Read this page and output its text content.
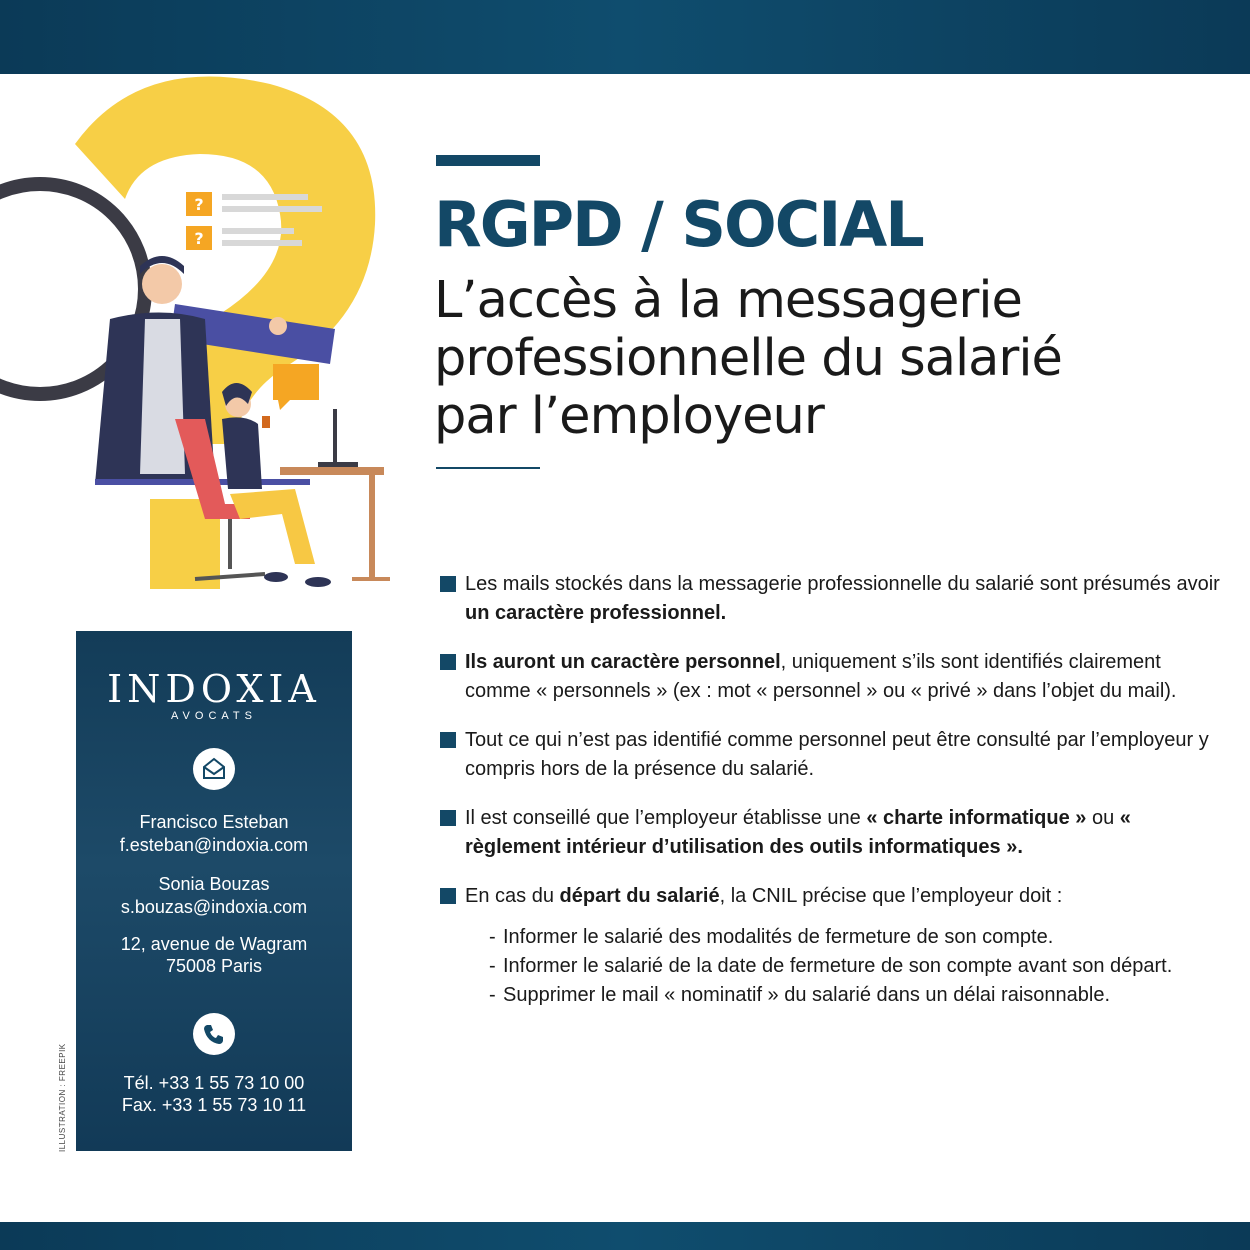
?
?	RGPD / SOCIAL
L’accès à la messagerie
professionnelle du salarié
par l’employeur
Les mails stockés dans la messagerie professionnelle du salarié sont présumés avoir un caractère professionnel.
Ils auront un caractère personnel, uniquement s’ils sont identifiés clairement comme « personnels » (ex : mot « personnel » ou « privé » dans l’objet du mail).
Tout ce qui n’est pas identifié comme personnel peut être consulté par l’employeur y compris hors de la présence du salarié.
Il est conseillé que l’employeur établisse une « charte informatique » ou « règlement intérieur d’utilisation des outils informatiques ».
En cas du départ du salarié, la CNIL précise que l’employeur doit :
- Informer le salarié des modalités de fermeture de son compte.
- Informer le salarié de la date de fermeture de son compte avant son départ.
- Supprimer le mail « nominatif » du salarié dans un délai raisonnable.
INDOXIA
AVOCATS
Francisco Esteban
f.esteban@indoxia.com
Sonia Bouzas
s.bouzas@indoxia.com
12, avenue de Wagram
75008 Paris
Tél. +33 1 55 73 10 00
Fax. +33 1 55 73 10 11
ILLUSTRATION : FREEPIK
